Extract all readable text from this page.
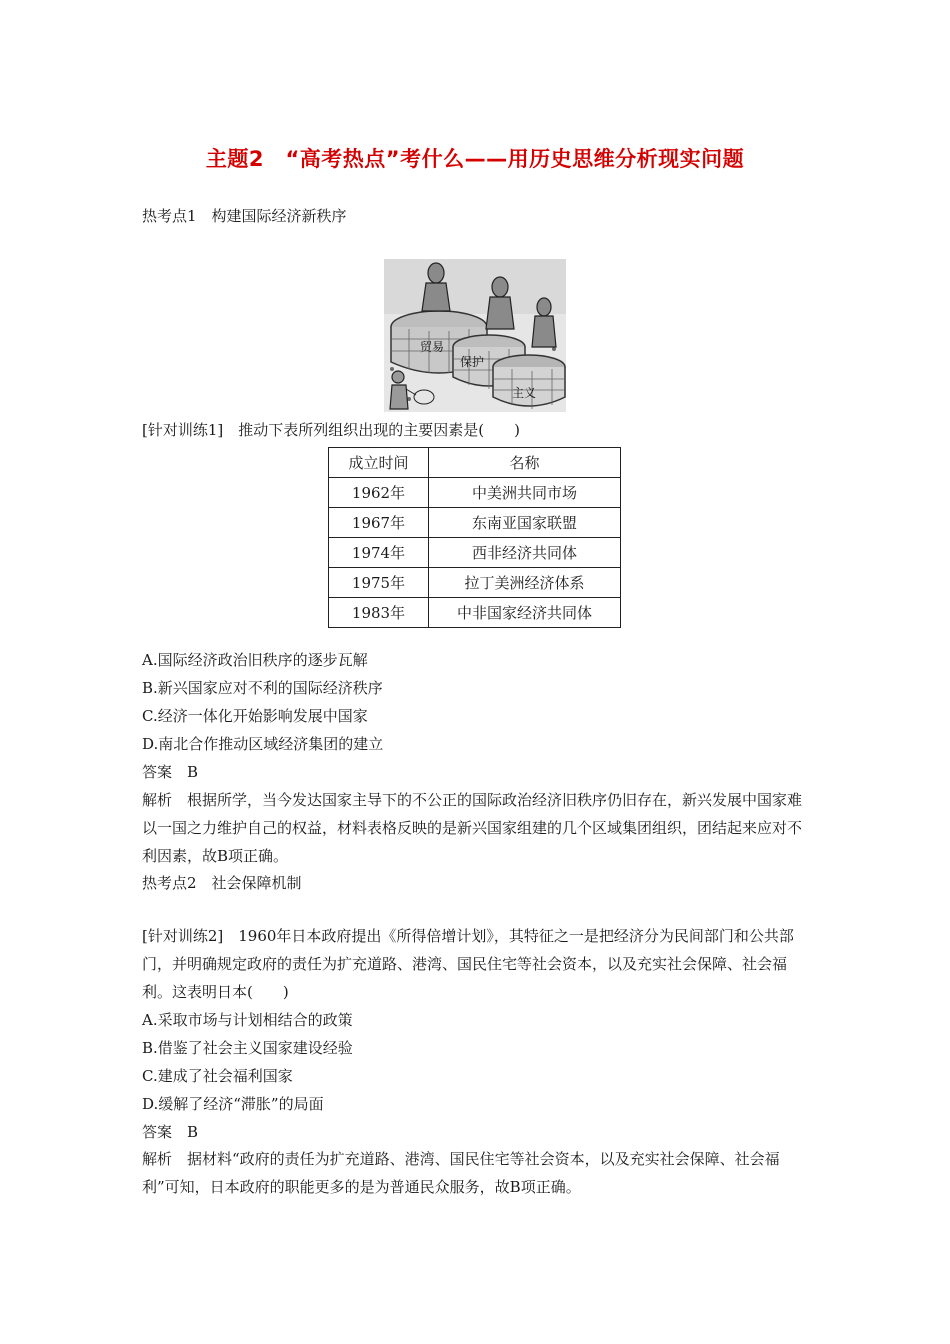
主题2　“高考热点”考什么——用历史思维分析现实问题
热考点1　构建国际经济新秩序
贸易
保护
主义
[针对训练1]　推动下表所列组织出现的主要因素是(　　)
成立时间	名称
1962年	中美洲共同市场
1967年	东南亚国家联盟
1974年	西非经济共同体
1975年	拉丁美洲经济体系
1983年	中非国家经济共同体
A.国际经济政治旧秩序的逐步瓦解
B.新兴国家应对不利的国际经济秩序
C.经济一体化开始影响发展中国家
D.南北合作推动区域经济集团的建立
答案　B
解析　根据所学，当今发达国家主导下的不公正的国际政治经济旧秩序仍旧存在，新兴发展中国家难以一国之力维护自己的权益，材料表格反映的是新兴国家组建的几个区域集团组织，团结起来应对不利因素，故B项正确。
热考点2　社会保障机制
[针对训练2]　1960年日本政府提出《所得倍增计划》，其特征之一是把经济分为民间部门和公共部门，并明确规定政府的责任为扩充道路、港湾、国民住宅等社会资本，以及充实社会保障、社会福利。这表明日本(　　)
A.采取市场与计划相结合的政策
B.借鉴了社会主义国家建设经验
C.建成了社会福利国家
D.缓解了经济“滞胀”的局面
答案　B
解析　据材料“政府的责任为扩充道路、港湾、国民住宅等社会资本，以及充实社会保障、社会福利”可知，日本政府的职能更多的是为普通民众服务，故B项正确。
